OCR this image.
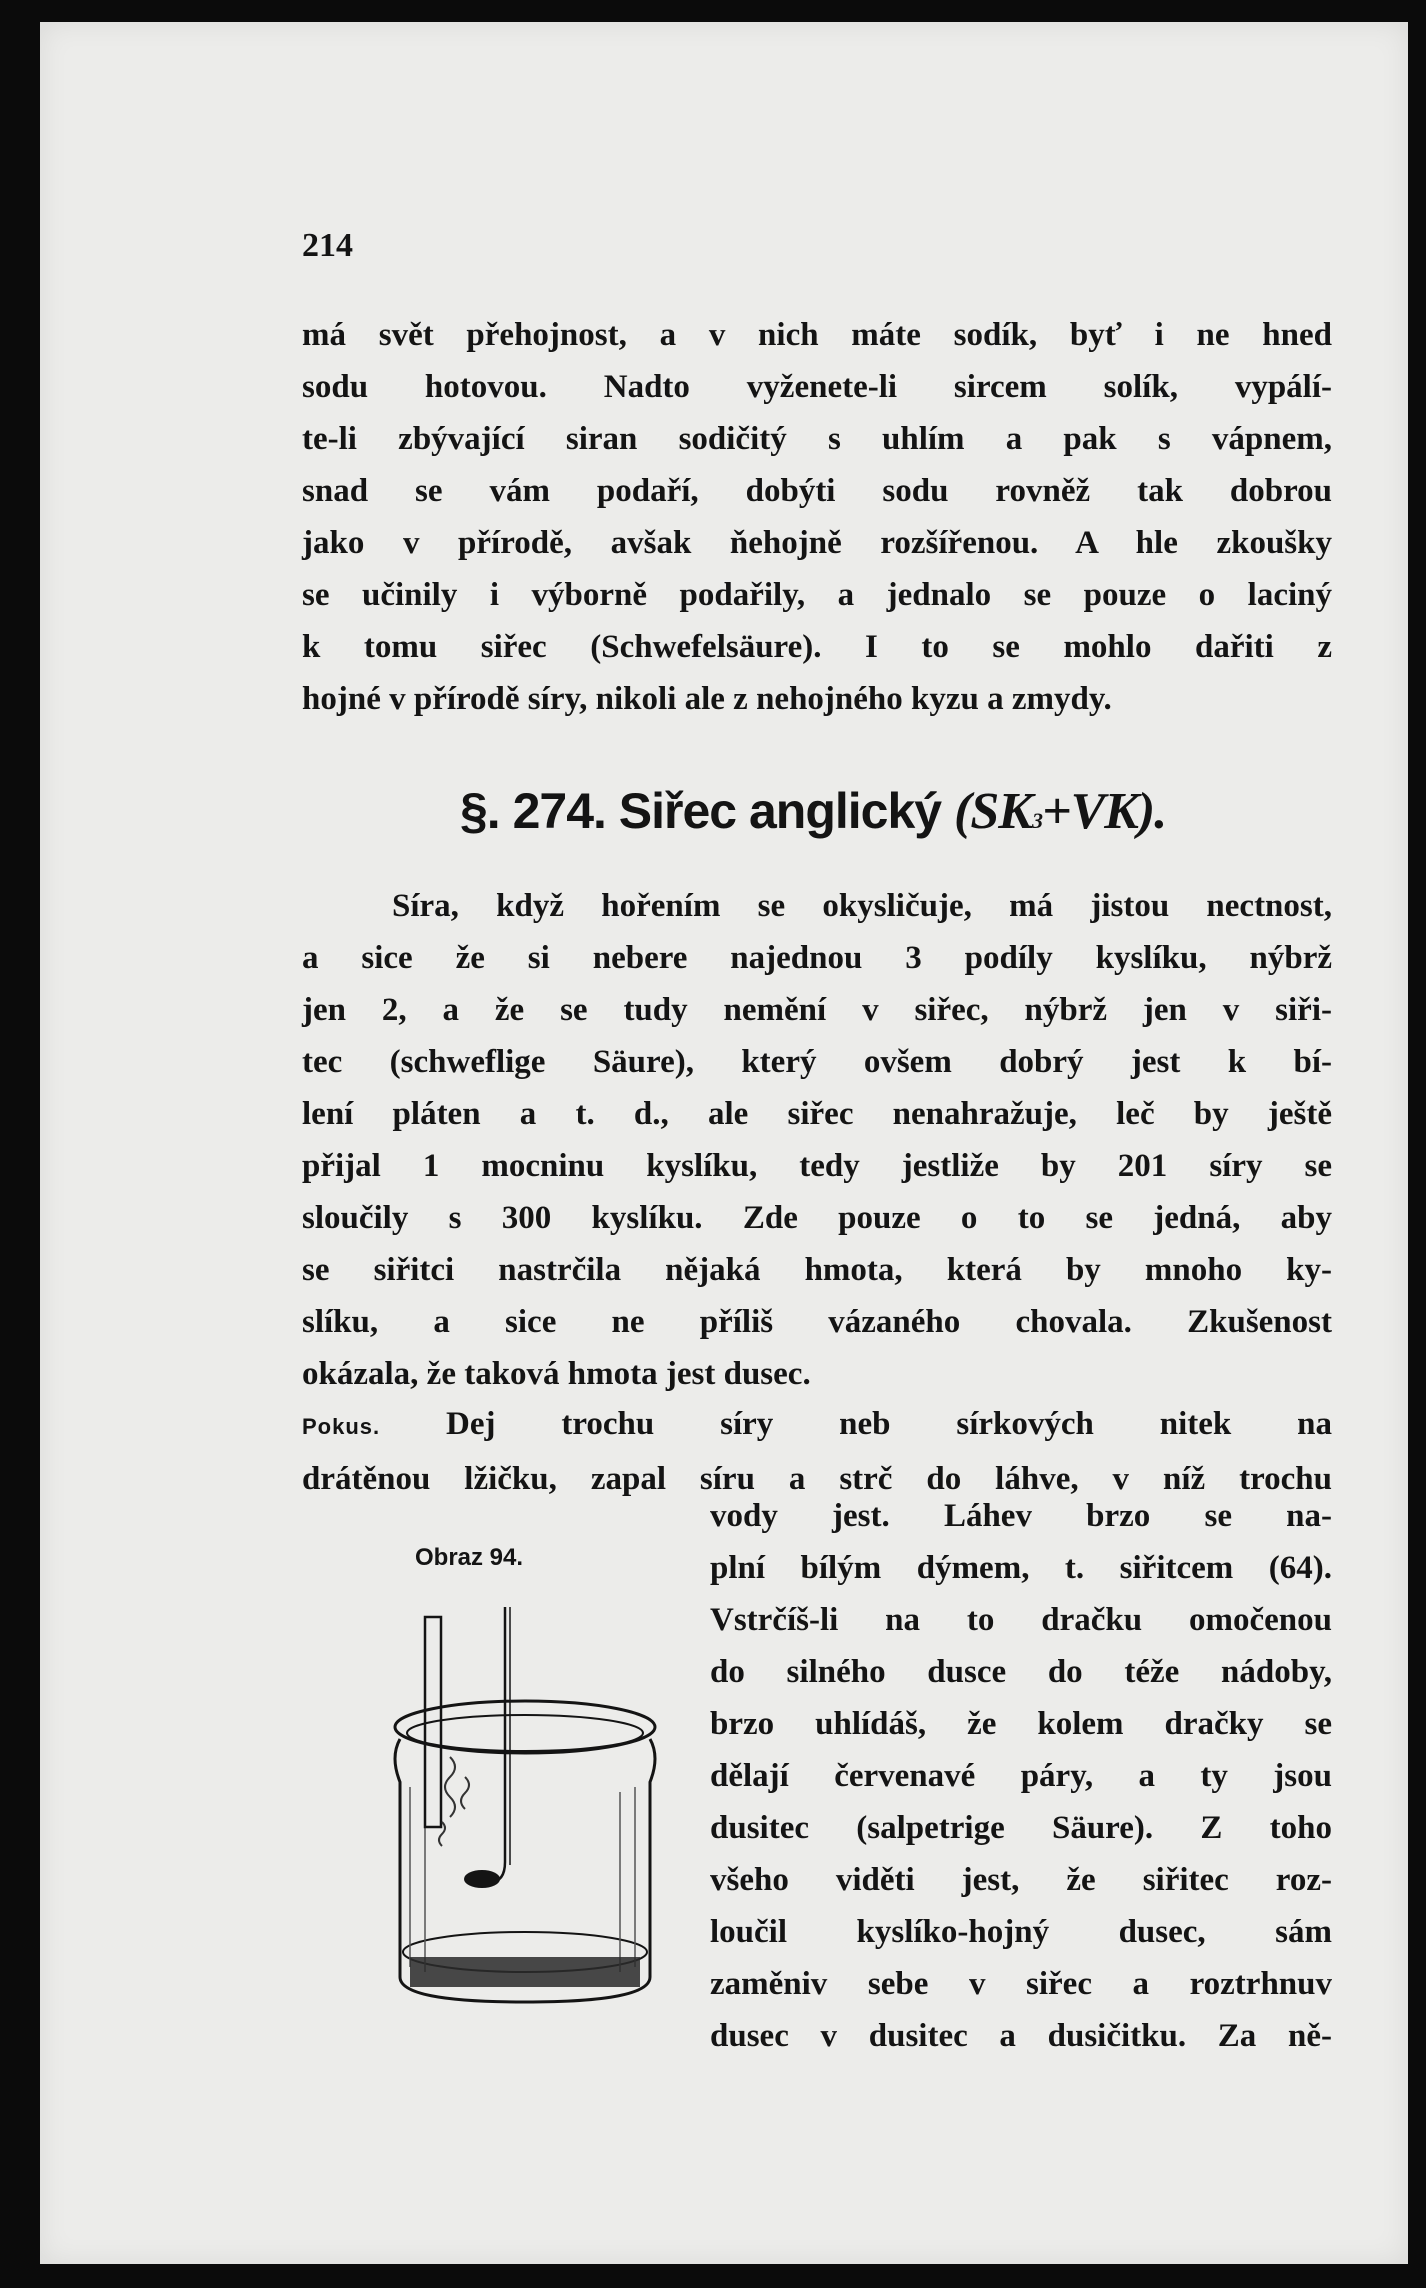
214

má svět přehojnost, a v nich máte sodík, byť i ne hned

sodu hotovou. Nadto vyženete-li sircem solík, vypálí-

te-li zbývající siran sodičitý s uhlím a pak s vápnem,

snad se vám podaří, dobýti sodu rovněž tak dobrou

jako v přírodě, avšak ňehojně rozšířenou. A hle zkoušky

se učinily i výborně podařily, a jednalo se pouze o laciný

k tomu siřec (Schwefelsäure). I to se mohlo dařiti z

hojné v přírodě síry, nikoli ale z nehojného kyzu a zmydy.

§. 274. Siřec anglický (SK3+VK).

Síra, když hořením se okysličuje, má jistou nectnost,

a sice že si nebere najednou 3 podíly kyslíku, nýbrž

jen 2, a že se tudy nemění v siřec, nýbrž jen v siři-

tec (schweflige Säure), který ovšem dobrý jest k bí-

lení pláten a t. d., ale siřec nenahražuje, leč by ještě

přijal 1 mocninu kyslíku, tedy jestliže by 201 síry se

sloučily s 300 kyslíku. Zde pouze o to se jedná, aby

se siřitci nastrčila nějaká hmota, která by mnoho ky-

slíku, a sice ne příliš vázaného chovala. Zkušenost

okázala, že taková hmota jest dusec.

Pokus. Dej trochu síry neb sírkových nitek na

drátěnou lžičku, zapal síru a strč do láhve, v níž trochu

vody jest. Láhev brzo se na-

plní bílým dýmem, t. siřitcem (64).

Vstrčíš-li na to dračku omočenou

do silného dusce do téže nádoby,

brzo uhlídáš, že kolem dračky se

dělají červenavé páry, a ty jsou

dusitec (salpetrige Säure). Z toho

všeho viděti jest, že siřitec roz-

loučil kyslíko-hojný dusec, sám

zaměniv sebe v siřec a roztrhnuv

dusec v dusitec a dusičitku. Za ně-

Obraz 94.
